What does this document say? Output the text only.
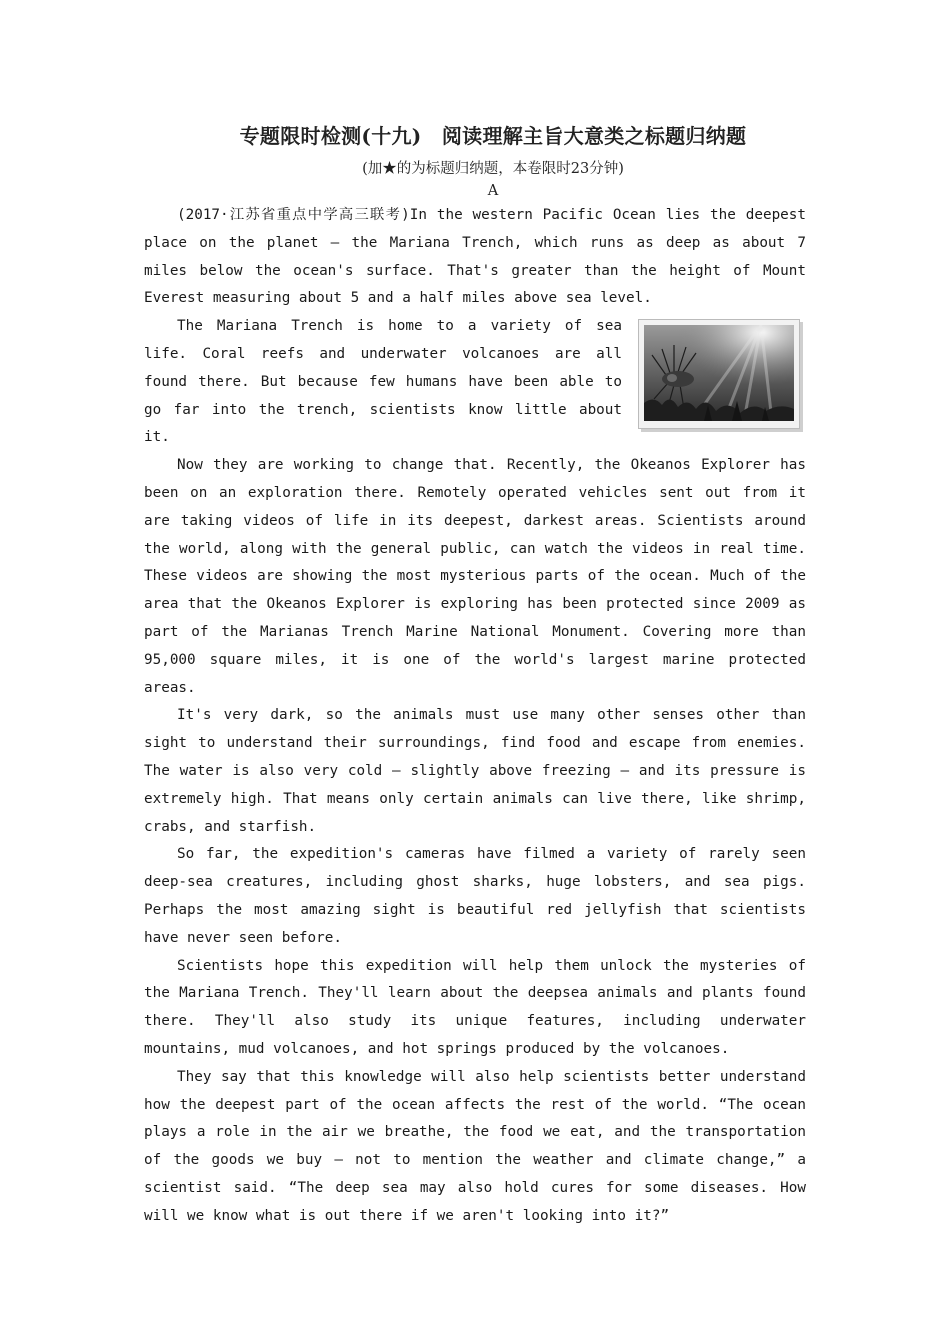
专题限时检测(十九)　阅读理解主旨大意类之标题归纳题
(加★的为标题归纳题，本卷限时23分钟)
A

(2017·江苏省重点中学高三联考)In the western Pacific Ocean lies the deepest place on the planet — the Mariana Trench, which runs as deep as about 7 miles below the ocean's surface. That's greater than the height of Mount Everest measuring about 5 and a half miles above sea level.

The Mariana Trench is home to a variety of sea life. Coral reefs and underwater volcanoes are all found there. But because few humans have been able to go far into the trench, scientists know little about it.

Now they are working to change that. Recently, the Okeanos Explorer has been on an exploration there. Remotely operated vehicles sent out from it are taking videos of life in its deepest, darkest areas. Scientists around the world, along with the general public, can watch the videos in real time. These videos are showing the most mysterious parts of the ocean. Much of the area that the Okeanos Explorer is exploring has been protected since 2009 as part of the Marianas Trench Marine National Monument. Covering more than 95,000 square miles, it is one of the world's largest marine protected areas.

It's very dark, so the animals must use many other senses other than sight to understand their surroundings, find food and escape from enemies. The water is also very cold — slightly above freezing — and its pressure is extremely high. That means only certain animals can live there, like shrimp, crabs, and starfish.

So far, the expedition's cameras have filmed a variety of rarely seen deep-sea creatures, including ghost sharks, huge lobsters, and sea pigs. Perhaps the most amazing sight is beautiful red jellyfish that scientists have never seen before.

Scientists hope this expedition will help them unlock the mysteries of the Mariana Trench. They'll learn about the deepsea animals and plants found there. They'll also study its unique features, including underwater mountains, mud volcanoes, and hot springs produced by the volcanoes.

They say that this knowledge will also help scientists better understand how the deepest part of the ocean affects the rest of the world. “The ocean plays a role in the air we breathe, the food we eat, and the transportation of the goods we buy — not to mention the weather and climate change,” a scientist said. “The deep sea may also hold cures for some diseases. How will we know what is out there if we aren't looking into it?”
